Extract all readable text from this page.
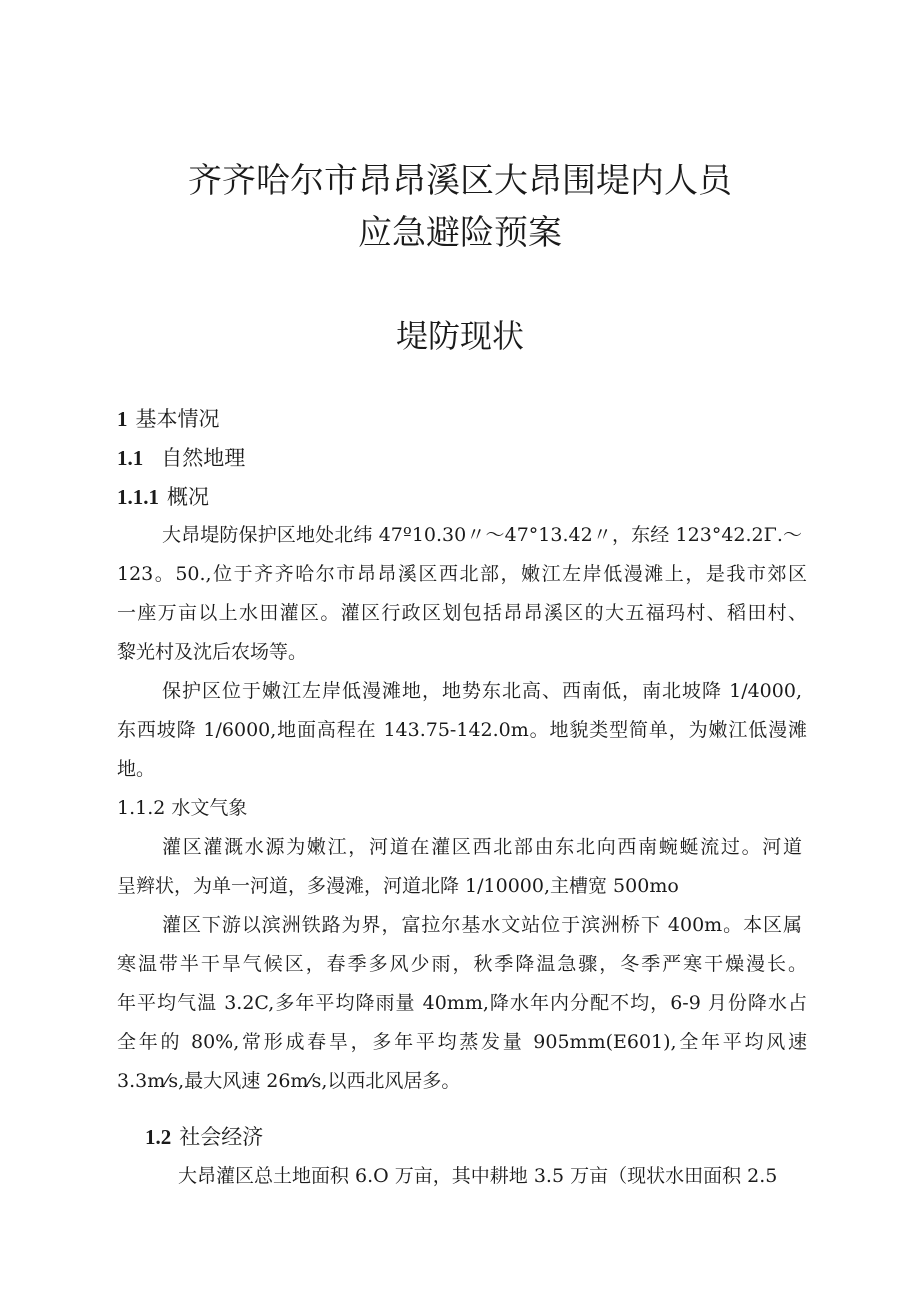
齐齐哈尔市昂昂溪区大昂围堤内人员
应急避险预案
堤防现状
1 基本情况
1.1 自然地理
1.1.1 概况
大昂堤防保护区地处北纬 47º10.30〃～47°13.42〃，东经 123°42.2Γ.～
123。50.,位于齐齐哈尔市昂昂溪区西北部，嫩江左岸低漫滩上，是我市郊区
一座万亩以上水田灌区。灌区行政区划包括昂昂溪区的大五福玛村、稻田村、
黎光村及沈后农场等。
保护区位于嫩江左岸低漫滩地，地势东北高、西南低，南北坡降 1/4000,
东西坡降 1/6000,地面高程在 143.75-142.0m。地貌类型简单，为嫩江低漫滩
地。
1.1.2 水文气象
灌区灌溉水源为嫩江，河道在灌区西北部由东北向西南蜿蜒流过。河道
呈辫状，为单一河道，多漫滩，河道北降 1/10000,主槽宽 500mo
灌区下游以滨洲铁路为界，富拉尔基水文站位于滨洲桥下 400m。本区属
寒温带半干旱气候区，春季多风少雨，秋季降温急骤，冬季严寒干燥漫长。
年平均气温 3.2C,多年平均降雨量 40mm,降水年内分配不均，6-9 月份降水占
全年的 80%,常形成春旱，多年平均蒸发量 905mm(E601),全年平均风速
3.3m⁄s,最大风速 26m⁄s,以西北风居多。
1.2 社会经济
大昂灌区总土地面积 6.O 万亩，其中耕地 3.5 万亩（现状水田面积 2.5
